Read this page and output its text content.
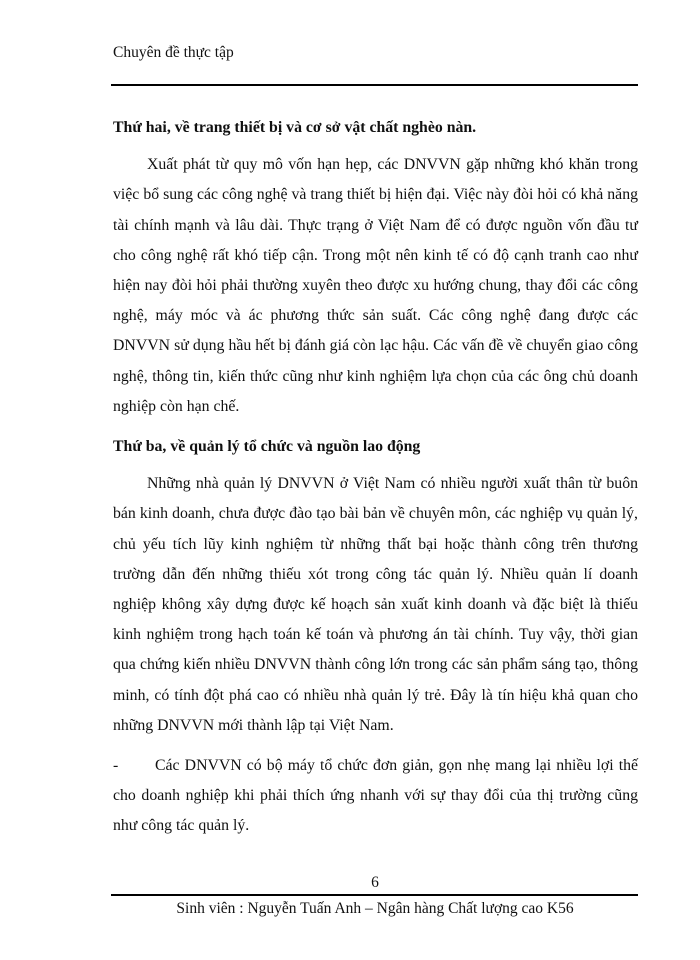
Chuyên đề thực tập

Thứ hai, về trang thiết bị và cơ sở vật chất nghèo nàn.

Xuất phát từ quy mô vốn hạn hẹp, các DNVVN gặp những khó khăn trong việc bổ sung các công nghệ và trang thiết bị hiện đại. Việc này đòi hỏi có khả năng tài chính mạnh và lâu dài. Thực trạng ở Việt Nam để có được nguồn vốn đầu tư cho công nghệ rất khó tiếp cận. Trong một nên kinh tế có độ cạnh tranh cao như hiện nay đòi hỏi phải thường xuyên theo được xu hướng chung, thay đổi các công nghệ, máy móc và ác phương thức sản suất. Các công nghệ đang được các DNVVN sử dụng hầu hết bị đánh giá còn lạc hậu. Các vấn đề về chuyển giao công nghệ, thông tin, kiến thức cũng như kinh nghiệm lựa chọn của các ông chủ doanh nghiệp còn hạn chế.

Thứ ba, về quản lý tổ chức và nguồn lao động

Những nhà quản lý DNVVN ở Việt Nam có nhiều người xuất thân từ buôn bán kinh doanh, chưa được đào tạo bài bản về chuyên môn, các nghiệp vụ quản lý, chủ yếu tích lũy kinh nghiệm từ những thất bại hoặc thành công trên thương trường dẫn đến những thiếu xót trong công tác quản lý. Nhiều quản lí doanh nghiệp không xây dựng được kế hoạch sản xuất kinh doanh và đặc biệt là thiếu kinh nghiệm trong hạch toán kế toán và phương án tài chính. Tuy vậy, thời gian qua chứng kiến nhiều DNVVN thành công lớn trong các sản phẩm sáng tạo, thông minh, có tính đột phá cao có nhiều nhà quản lý trẻ. Đây là tín hiệu khả quan cho những DNVVN mới thành lập tại Việt Nam.

- Các DNVVN có bộ máy tổ chức đơn giản, gọn nhẹ mang lại nhiều lợi thế cho doanh nghiệp khi phải thích ứng nhanh với sự thay đổi của thị trường cũng như công tác quản lý.

6
Sinh viên : Nguyễn Tuấn Anh – Ngân hàng Chất lượng cao K56
